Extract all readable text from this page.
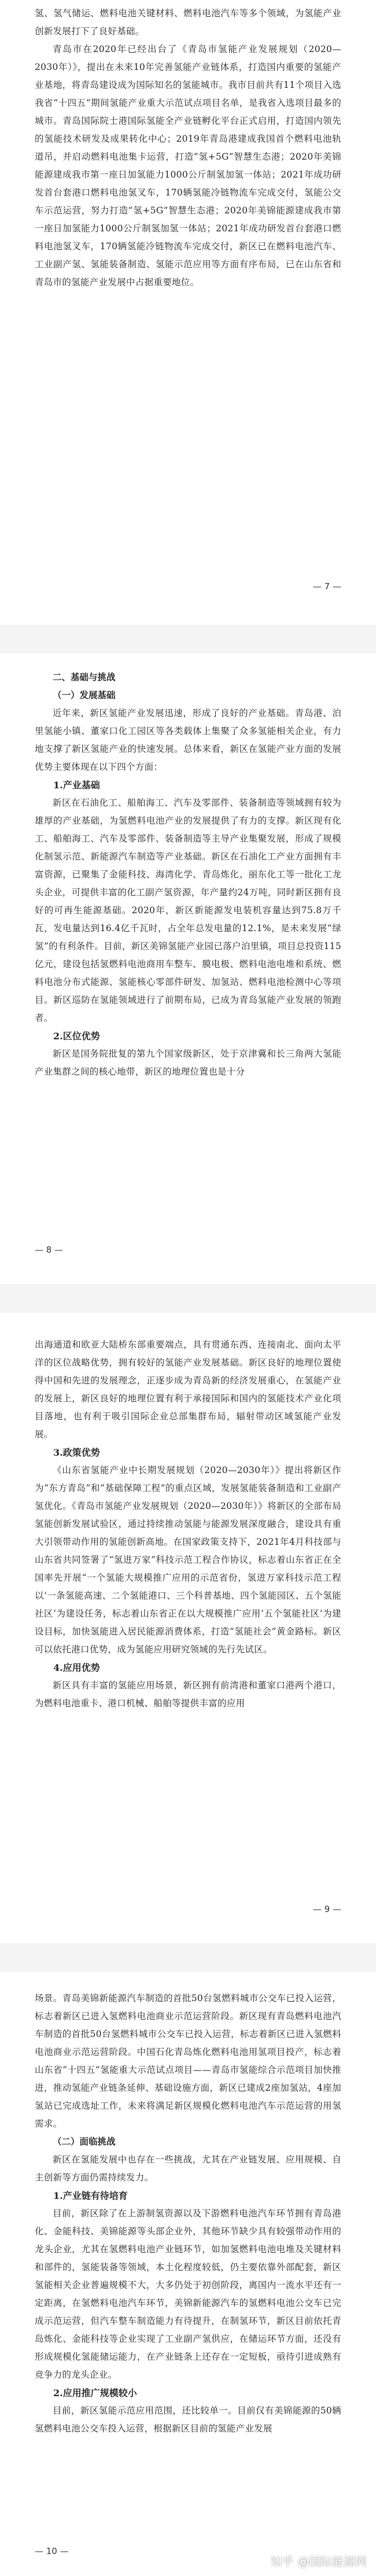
氢、氢气储运、燃料电池关键材料、燃料电池汽车等多个领域，为氢能产业创新发展打下了良好基础。

青岛市在2020年已经出台了《青岛市氢能产业发展规划（2020—2030年）》，提出在未来10年完善氢能产业链体系，打造国内重要的氢能产业基地，将青岛建设成为国际知名的氢能城市。我市目前共有11个项目入选我省“十四五”期间氢能产业重大示范试点项目名单，是我省入选项目最多的城市。青岛国际院士港国际氢能全产业链孵化平台正式启用，打造国内领先的氢能技术研发及成果转化中心；2019年青岛港建成我国首个燃料电池轨道吊，并启动燃料电池集卡运营，打造“氢+5G”智慧生态港；2020年美锦能源建成我市第一座日加氢能力1000公斤制氢加氢一体站；2021年成功研发首台套港口燃料电池氢叉车，170辆氢能冷链物流车完成交付，氢能公交车示范运营，努力打造“氢+5G”智慧生态港；2020年美锦能源建成我市第一座日加氢能力1000公斤制氢加氢一体站；2021年成功研发首台套港口燃料电池氢叉车，170辆氢能冷链物流车完成交付，新区已在燃料电池汽车、工业副产氢、氢能装备制造、氢能示范应用等方面有序布局，已在山东省和青岛市的氢能产业发展中占据重要地位。

— 7 —

二、基础与挑战

（一）发展基础

近年来，新区氢能产业发展迅速，形成了良好的产业基础。青岛港、泊里氢能小镇、董家口化工园区等各类载体上集聚了众多氢能相关企业，有力地支撑了新区氢能产业的快速发展。总体来看，新区在氢能产业方面的发展优势主要体现在以下四个方面：

1.产业基础

新区在石油化工、船舶海工、汽车及零部件、装备制造等领域拥有较为雄厚的产业基础，为氢燃料电池产业的发展提供了有力的支撑。新区现有化工、船舶海工、汽车及零部件、装备制造等主导产业集聚发展，形成了规模化制氢示范、新能源汽车制造等产业基础。新区在石油化工产业方面拥有丰富资源，已聚集了金能科技、海湾化学、青岛炼化、丽东化工等一批化工龙头企业，可提供丰富的化工副产氢资源，年产量约24万吨，同时新区拥有良好的可再生能源基础。2020年，新区新能源发电装机容量达到75.8万千瓦，发电量达到16.4亿千瓦时，占全年总发电量的12.1%，是未来发展“绿氢”的有利条件。目前，新区美锦氢能产业园已落户泊里镇，项目总投资115亿元，建设包括氢燃料电池商用车整车、膜电极、燃料电池电堆和系统、燃料电池分布式能源、氢能核心零部件研发、加氢站、燃料电池检测中心等项目。新区巡防在氢能领域进行了前期布局，已成为青岛氢能产业发展的领跑者。

2.区位优势

新区是国务院批复的第九个国家级新区，处于京津冀和长三角两大氢能产业集群之间的核心地带，新区的地理位置也是十分

— 8 —

出海通道和欧亚大陆桥东部重要端点，具有贯通东西、连接南北、面向太平洋的区位战略优势，拥有较好的氢能产业发展基础。新区良好的地理位置使得中国和先进的发展理念，正逐步成为青岛新的经济发展重心，在氢能产业的发展上，新区良好的地理位置有利于承接国际和国内的氢能技术产业化项目落地，也有利于吸引国际企业总部集群布局，辐射带动区域氢能产业发展。

3.政策优势

《山东省氢能产业中长期发展规划（2020—2030年）》提出将新区作为“东方青岛”和“基础保障工程”的重点区域，发展氢能装备制造和工业副产氢优化。《青岛市氢能产业发展规划（2020—2030年）》将新区的全部布局氢能创新发展试验区，通过持续推动氢能与能源发展深度融合，建设具有重大引领带动作用的氢能创新高地。在国家政策支持下，2021年4月科技部与山东省共同签署了“氢进万家”科技示范工程合作协议，标志着山东省正在全国率先开展“一个氢能大规模推广应用的示范省份，氢进万家科技示范工程以‘一条氢能高速、二个氢能港口、三个科普基地、四个氢能园区、五个氢能社区’为建设任务，标志着山东省正在以大规模推广应用‘五个氢能社区’为建设目标，加快氢能进入居民能源消费体系，打造“氢能社会”黄金路标。新区可以依托港口优势，成为氢能应用研究领域的先行先试区。

4.应用优势

新区具有丰富的氢能应用场景，新区拥有前湾港和董家口港两个港口，为燃料电池重卡、港口机械、船舶等提供丰富的应用

— 9 —

场景。青岛美锦新能源汽车制造的首批50台氢燃料城市公交车已投入运营，标志着新区已进入氢燃料电池商业示范运营阶段。新区现有青岛燃料电池汽车制造的首批50台氢燃料城市公交车已投入运营，标志着新区已进入氢燃料电池商业示范运营阶段。中国石化青岛炼化燃料电池用氢项目投产，标志着山东省“十四五”氢能重大示范试点项目——青岛市氢能综合示范项目加快推进，推动氢能产业链条延伸、基础设施方面，新区已建成2座加氢站，4座加氢站已完成选址工作，未来将满足新区规模化燃料电池汽车示范运营的用氢需求。

（二）面临挑战

新区在氢能发展中也存在一些挑战，尤其在产业链发展、应用规模、自主创新等方面仍需持续发力。

1.产业链有待培育

目前，新区除了在上游制氢资源以及下游燃料电池汽车环节拥有青岛港化、金能科技、美锦能源等头部企业外，其他环节缺少具有较强带动作用的龙头企业，尤其在氢燃料电池产业链环节，如加氢燃料电池电堆及关键材料和部件的，氢能装备等领域，本土化程度较低，仍主要依靠外部配套，新区氢能相关企业普遍规模不大，大多仍处于初创阶段，离国内一流水平还有一定距离，在氢燃料电池汽车环节，美锦新能源汽车的氢燃料电池公交车已完成示范运营，但汽车整车制造能力有待提升，在制氢环节，新区目前依托青岛炼化、金能科技等企业实现了工业副产氢供应，在储运环节方面，还没有形成规模化氢能储运能力，在产业链条上还存在一定短板，亟待引进成熟有竞争力的龙头企业。

2.应用推广规模较小

目前，新区氢能示范应用范围，还比较单一。目前仅有美锦能源的50辆氢燃料电池公交车投入运营，根据新区目前的氢能产业发展

— 10 —
知乎 @国际能源网
